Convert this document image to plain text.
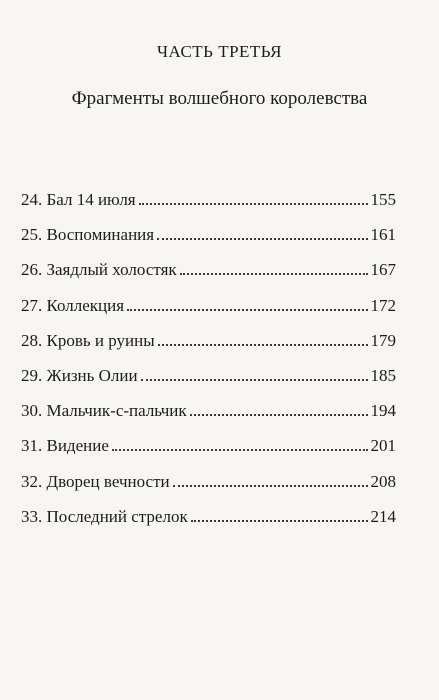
ЧАСТЬ ТРЕТЬЯ
Фрагменты волшебного королевства
24. Бал 14 июля	155
25. Воспоминания	161
26. Заядлый холостяк	167
27. Коллекция	172
28. Кровь и руины	179
29. Жизнь Олии	185
30. Мальчик-с-пальчик	194
31. Видение	201
32. Дворец вечности	208
33. Последний стрелок	214
